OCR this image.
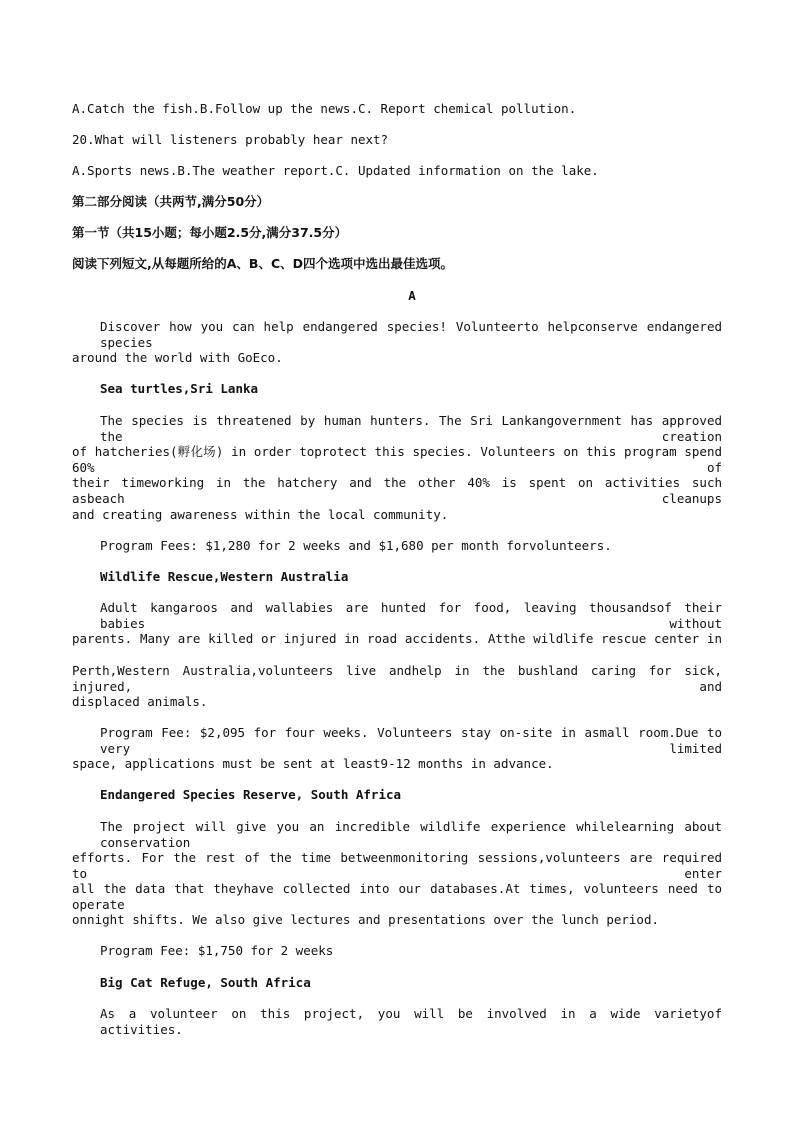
A.Catch the fish.B.Follow up the news.C. Report chemical pollution.
20.What will listeners probably hear next?
A.Sports news.B.The weather report.C. Updated information on the lake.
第二部分阅读（共两节,满分50分）
第一节（共15小题；每小题2.5分,满分37.5分）
阅读下列短文,从每题所给的A、B、C、D四个选项中选出最佳选项。
A
Discover how you can help endangered species! Volunteerto helpconserve endangered species
around the world with GoEco.
Sea turtles,Sri Lanka
The species is threatened by human hunters. The Sri Lankangovernment has approved the creation
of hatcheries(孵化场) in order toprotect this species. Volunteers on this program spend 60% of
their timeworking in the hatchery and the other 40% is spent on activities such asbeach cleanups
and creating awareness within the local community.
Program Fees: $1,280 for 2 weeks and $1,680 per month forvolunteers.
Wildlife Rescue,Western Australia
Adult kangaroos and wallabies are hunted for food, leaving thousandsof their babies without
parents. Many are killed or injured in road accidents. Atthe wildlife rescue center in
Perth,Western Australia,volunteers live andhelp in the bushland caring for sick, injured, and
displaced animals.
Program Fee: $2,095 for four weeks. Volunteers stay on-site in asmall room.Due to very limited
space, applications must be sent at least9-12 months in advance.
Endangered Species Reserve, South Africa
The project will give you an incredible wildlife experience whilelearning about conservation
efforts. For the rest of the time betweenmonitoring sessions,volunteers are required to enter
all the data that theyhave collected into our databases.At times, volunteers need to operate
onnight shifts. We also give lectures and presentations over the lunch period.
Program Fee: $1,750 for 2 weeks
Big Cat Refuge, South Africa
As a volunteer on this project, you will be involved in a wide varietyof activities.
